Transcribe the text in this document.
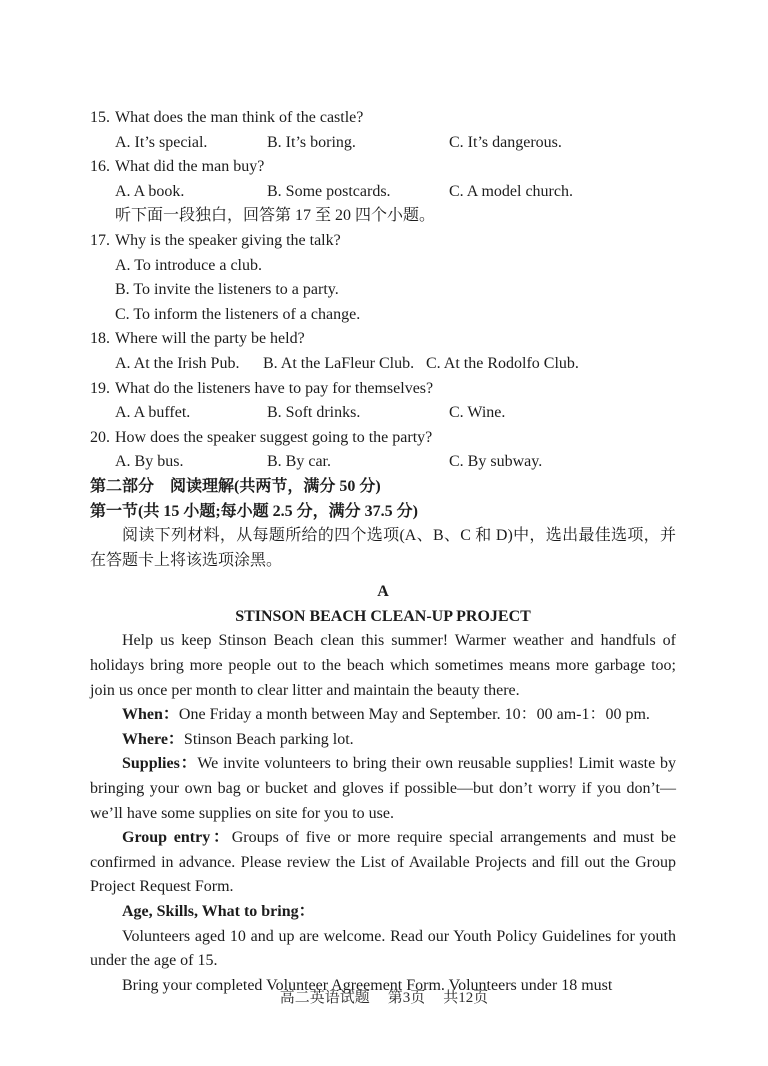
15. What does the man think of the castle?
A. It’s special.	B. It’s boring.	C. It’s dangerous.
16. What did the man buy?
A. A book.	B. Some postcards.	C. A model church.
听下面一段独白，回答第 17 至 20 四个小题。
17. Why is the speaker giving the talk?
A. To introduce a club.
B. To invite the listeners to a party.
C. To inform the listeners of a change.
18. Where will the party be held?
A. At the Irish Pub.	B. At the LaFleur Club. C. At the Rodolfo Club.
19. What do the listeners have to pay for themselves?
A. A buffet.	B. Soft drinks.	C. Wine.
20. How does the speaker suggest going to the party?
A. By bus.	B. By car.	C. By subway.
第二部分　阅读理解(共两节，满分 50 分)
第一节(共 15 小题;每小题 2.5 分，满分 37.5 分)
阅读下列材料，从每题所给的四个选项(A、B、C 和 D)中，选出最佳选项，并在答题卡上将该选项涂黑。
A
STINSON BEACH CLEAN-UP PROJECT

Help us keep Stinson Beach clean this summer! Warmer weather and handfuls of holidays bring more people out to the beach which sometimes means more garbage too; join us once per month to clear litter and maintain the beauty there.

When：One Friday a month between May and September. 10：00 am-1：00 pm.

Where：Stinson Beach parking lot.

Supplies：We invite volunteers to bring their own reusable supplies! Limit waste by bringing your own bag or bucket and gloves if possible—but don’t worry if you don’t—we’ll have some supplies on site for you to use.

Group entry：Groups of five or more require special arrangements and must be confirmed in advance. Please review the List of Available Projects and fill out the Group Project Request Form.

Age, Skills, What to bring：

Volunteers aged 10 and up are welcome. Read our Youth Policy Guidelines for youth under the age of 15.

Bring your completed Volunteer Agreement Form. Volunteers under 18 must

高二英语试题 第3页 共12页
